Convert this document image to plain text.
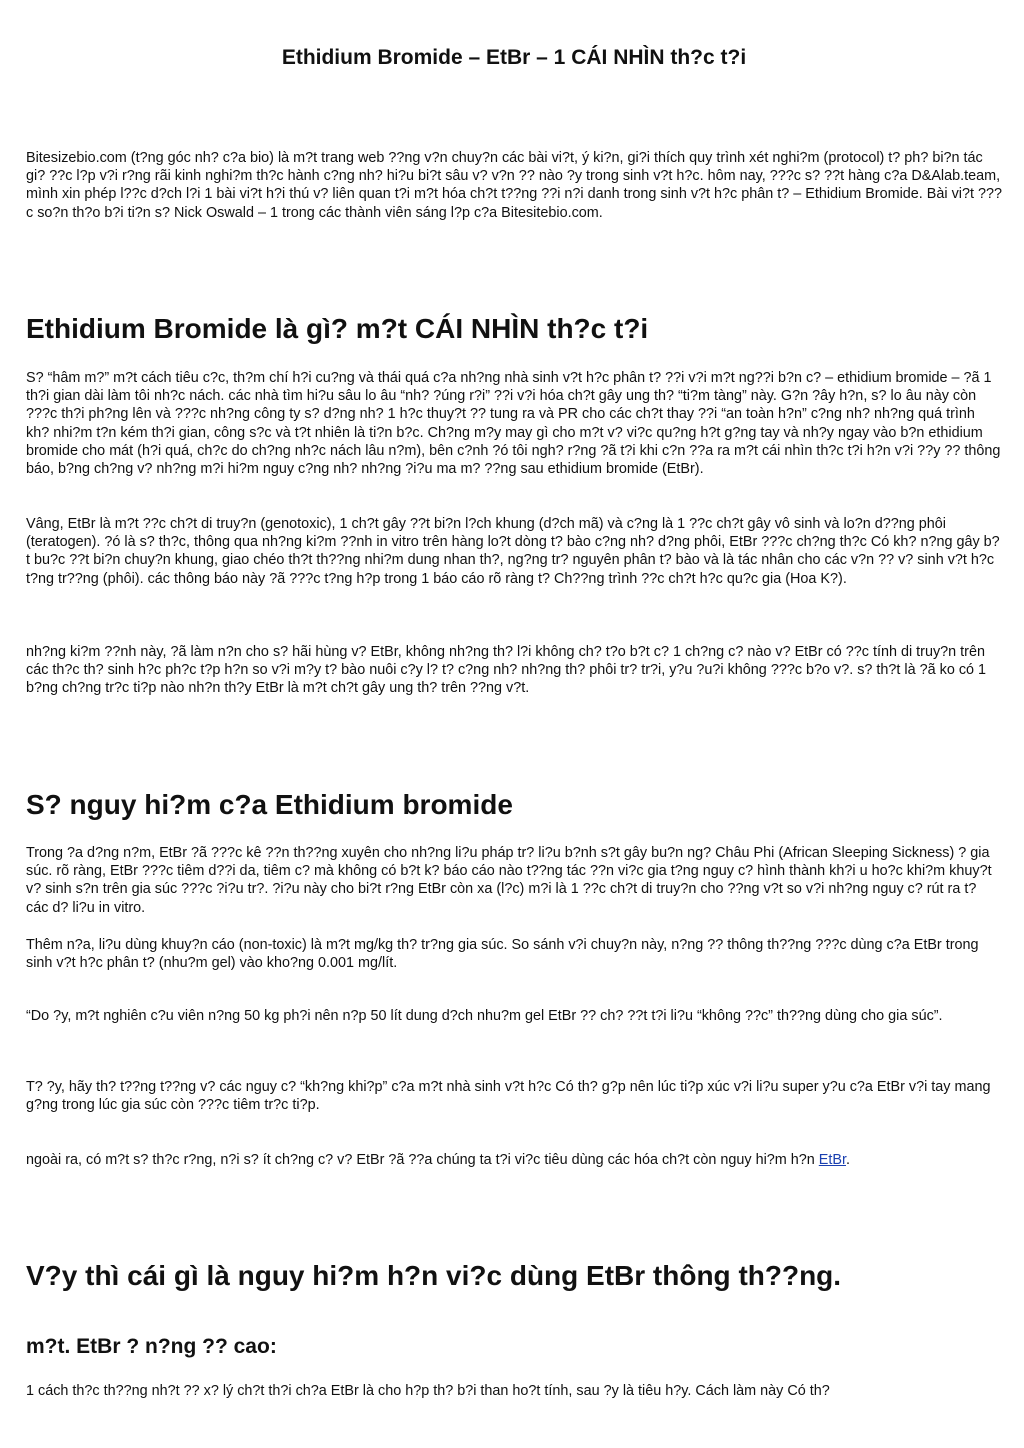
Ethidium Bromide – EtBr – 1 CÁI NHÌN th?c t?i

Bitesizebio.com (t?ng góc nh? c?a bio) là m?t trang web ??ng v?n chuy?n các bài vi?t, ý ki?n, gi?i thích quy trình xét nghi?m (protocol) t? ph? bi?n tác gi? ??c l?p v?i r?ng rãi kinh nghi?m th?c hành c?ng nh? hi?u bi?t sâu v? v?n ?? nào ?y trong sinh v?t h?c. hôm nay, ???c s? ??t hàng c?a D&Alab.team, mình xin phép l??c d?ch l?i 1 bài vi?t h?i thú v? liên quan t?i m?t hóa ch?t t??ng ??i n?i danh trong sinh v?t h?c phân t? – Ethidium Bromide. Bài vi?t ???c so?n th?o b?i ti?n s? Nick Oswald – 1 trong các thành viên sáng l?p c?a Bitesitebio.com.

Ethidium Bromide là gì? m?t CÁI NHÌN th?c t?i

S? “hâm m?” m?t cách tiêu c?c, th?m chí h?i cu?ng và thái quá c?a nh?ng nhà sinh v?t h?c phân t? ??i v?i m?t ng??i b?n c? – ethidium bromide – ?ã 1 th?i gian dài làm tôi nh?c nách. các nhà tìm hi?u sâu lo âu “nh? ?úng r?i” ??i v?i hóa ch?t gây ung th? “ti?m tàng” này. G?n ?ây h?n, s? lo âu này còn ???c th?i ph?ng lên và ???c nh?ng công ty s? d?ng nh? 1 h?c thuy?t ?? tung ra và PR cho các ch?t thay ??i “an toàn h?n” c?ng nh? nh?ng quá trình kh? nhi?m t?n kém th?i gian, công s?c và t?t nhiên là ti?n b?c. Ch?ng m?y may gì cho m?t v? vi?c qu?ng h?t g?ng tay và nh?y ngay vào b?n ethidium bromide cho mát (h?i quá, ch?c do ch?ng nh?c nách lâu n?m), bên c?nh ?ó tôi ngh? r?ng ?ã t?i khi c?n ??a ra m?t cái nhìn th?c t?i h?n v?i ??y ?? thông báo, b?ng ch?ng v? nh?ng m?i hi?m nguy c?ng nh? nh?ng ?i?u ma m? ??ng sau ethidium bromide (EtBr).

Vâng, EtBr là m?t ??c ch?t di truy?n (genotoxic), 1 ch?t gây ??t bi?n l?ch khung (d?ch mã) và c?ng là 1 ??c ch?t gây vô sinh và lo?n d??ng phôi (teratogen). ?ó là s? th?c, thông qua nh?ng ki?m ??nh in vitro trên hàng lo?t dòng t? bào c?ng nh? d?ng phôi, EtBr ???c ch?ng th?c Có kh? n?ng gây b?t bu?c ??t bi?n chuy?n khung, giao chéo th?t th??ng nhi?m dung nhan th?, ng?ng tr? nguyên phân t? bào và là tác nhân cho các v?n ?? v? sinh v?t h?c t?ng tr??ng (phôi). các thông báo này ?ã ???c t?ng h?p trong 1 báo cáo rõ ràng t? Ch??ng trình ??c ch?t h?c qu?c gia (Hoa K?).

nh?ng ki?m ??nh này, ?ã làm n?n cho s? hãi hùng v? EtBr, không nh?ng th? l?i không ch? t?o b?t c? 1 ch?ng c? nào v? EtBr có ??c tính di truy?n trên các th?c th? sinh h?c ph?c t?p h?n so v?i m?y t? bào nuôi c?y l? t? c?ng nh? nh?ng th? phôi tr? tr?i, y?u ?u?i không ???c b?o v?. s? th?t là ?ã ko có 1 b?ng ch?ng tr?c ti?p nào nh?n th?y EtBr là m?t ch?t gây ung th? trên ??ng v?t.

S? nguy hi?m c?a Ethidium bromide

Trong ?a d?ng n?m, EtBr ?ã ???c kê ??n th??ng xuyên cho nh?ng li?u pháp tr? li?u b?nh s?t gây bu?n ng? Châu Phi (African Sleeping Sickness) ? gia súc. rõ ràng, EtBr ???c tiêm d??i da, tiêm c? mà không có b?t k? báo cáo nào t??ng tác ??n vi?c gia t?ng nguy c? hình thành kh?i u ho?c khi?m khuy?t v? sinh s?n trên gia súc ???c ?i?u tr?. ?i?u này cho bi?t r?ng EtBr còn xa (l?c) m?i là 1 ??c ch?t di truy?n cho ??ng v?t so v?i nh?ng nguy c? rút ra t? các d? li?u in vitro.

Thêm n?a, li?u dùng khuy?n cáo (non-toxic) là m?t mg/kg th? tr?ng gia súc. So sánh v?i chuy?n này, n?ng ?? thông th??ng ???c dùng c?a EtBr trong sinh v?t h?c phân t? (nhu?m gel) vào kho?ng 0.001 mg/lít.

“Do ?y, m?t nghiên c?u viên n?ng 50 kg ph?i nên n?p 50 lít dung d?ch nhu?m gel EtBr ?? ch? ??t t?i li?u “không ??c” th??ng dùng cho gia súc”.

T? ?y, hãy th? t??ng t??ng v? các nguy c? “kh?ng khi?p” c?a m?t nhà sinh v?t h?c Có th? g?p nên lúc ti?p xúc v?i li?u super y?u c?a EtBr v?i tay mang g?ng trong lúc gia súc còn ???c tiêm tr?c ti?p.

ngoài ra, có m?t s? th?c r?ng, n?i s? ít ch?ng c? v? EtBr ?ã ??a chúng ta t?i vi?c tiêu dùng các hóa ch?t còn nguy hi?m h?n EtBr.

V?y thì cái gì là nguy hi?m h?n vi?c dùng EtBr thông th??ng.
m?t. EtBr ? n?ng ?? cao:

1 cách th?c th??ng nh?t ?? x? lý ch?t th?i ch?a EtBr là cho h?p th? b?i than ho?t tính, sau ?y là tiêu h?y. Cách làm này Có th?
